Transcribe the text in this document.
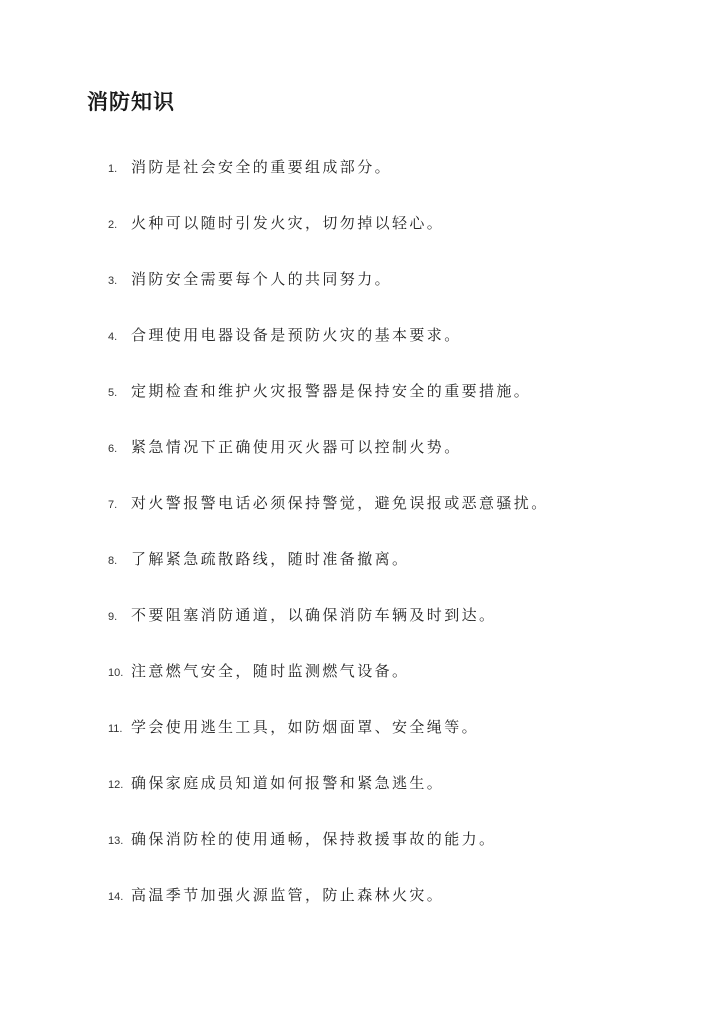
消防知识
1. 消防是社会安全的重要组成部分。
2. 火种可以随时引发火灾，切勿掉以轻心。
3. 消防安全需要每个人的共同努力。
4. 合理使用电器设备是预防火灾的基本要求。
5. 定期检查和维护火灾报警器是保持安全的重要措施。
6. 紧急情况下正确使用灭火器可以控制火势。
7. 对火警报警电话必须保持警觉，避免误报或恶意骚扰。
8. 了解紧急疏散路线，随时准备撤离。
9. 不要阻塞消防通道，以确保消防车辆及时到达。
10. 注意燃气安全，随时监测燃气设备。
11. 学会使用逃生工具，如防烟面罩、安全绳等。
12. 确保家庭成员知道如何报警和紧急逃生。
13. 确保消防栓的使用通畅，保持救援事故的能力。
14. 高温季节加强火源监管，防止森林火灾。
